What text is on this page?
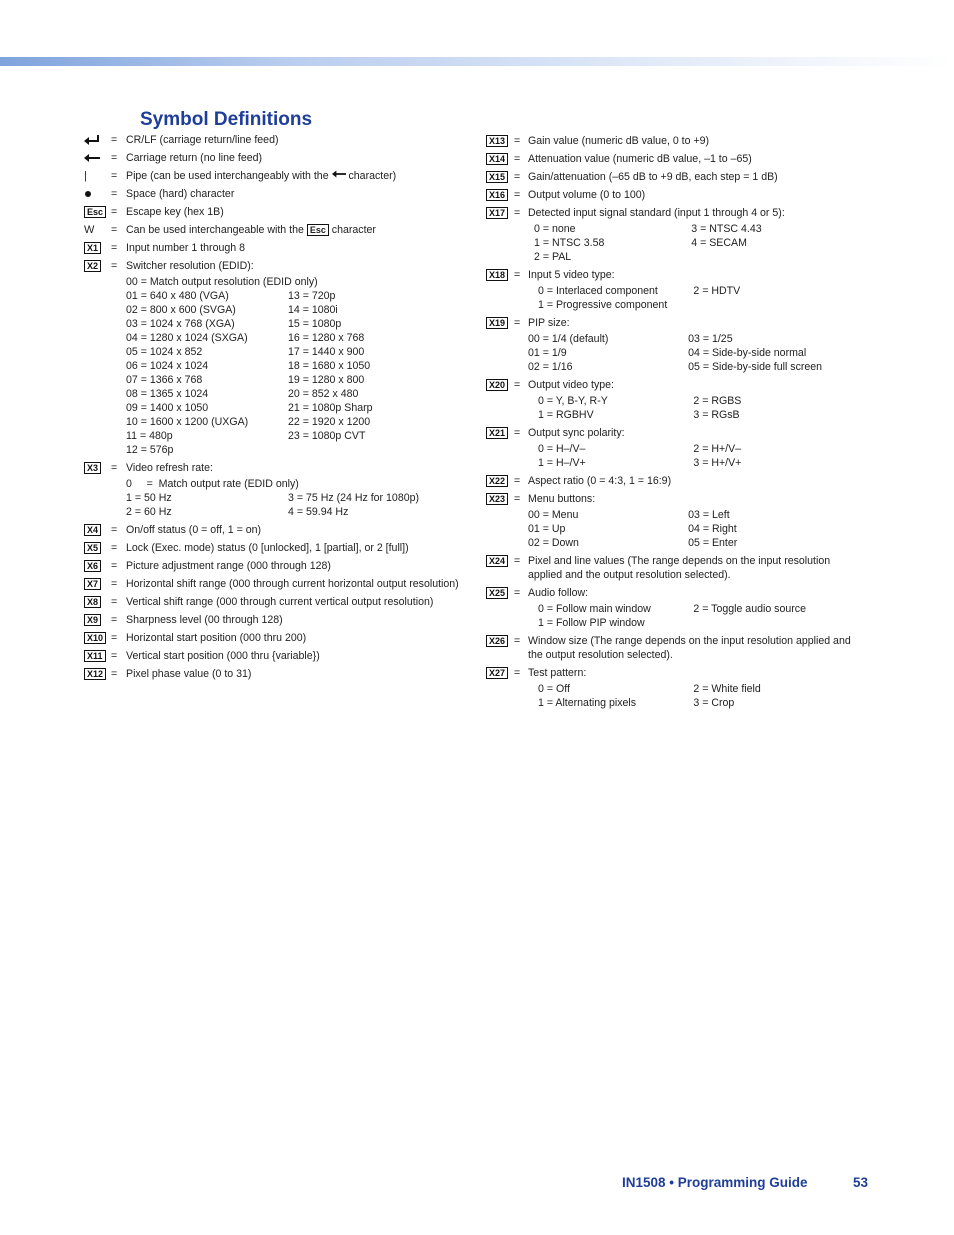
Symbol Definitions
= CR/LF (carriage return/line feed)
= Carriage return (no line feed)
| = Pipe (can be used interchangeably with the  character)
= Space (hard) character
Esc = Escape key (hex 1B)
W = Can be used interchangeable with the Esc character
X1 = Input number 1 through 8
X2 = Switcher resolution (EDID):
00 = Match output resolution (EDID only)
01 = 640 x 480 (VGA)	13 = 720p
02 = 800 x 600 (SVGA)	14 = 1080i
03 = 1024 x 768 (XGA)	15 = 1080p
04 = 1280 x 1024 (SXGA)	16 = 1280 x 768
05 = 1024 x 852	17 = 1440 x 900
06 = 1024 x 1024	18 = 1680 x 1050
07 = 1366 x 768	19 = 1280 x 800
08 = 1365 x 1024	20 = 852 x 480
09 = 1400 x 1050	21 = 1080p Sharp
10 = 1600 x 1200 (UXGA)	22 = 1920 x 1200
11 = 480p	23 = 1080p CVT
12 = 576p
X3 = Video refresh rate:
0     =  Match output rate (EDID only)
1 = 50 Hz	3 = 75 Hz (24 Hz for 1080p)
2 = 60 Hz	4 = 59.94 Hz
X4 = On/off status (0 = off, 1 = on)
X5 = Lock (Exec. mode) status (0 [unlocked], 1 [partial], or 2 [full])
X6 = Picture adjustment range (000 through 128)
X7 = Horizontal shift range (000 through current horizontal output resolution)
X8 = Vertical shift range (000 through current vertical output resolution)
X9 = Sharpness level (00 through 128)
X10 = Horizontal start position (000 thru 200)
X11 = Vertical start position (000 thru {variable})
X12 = Pixel phase value (0 to 31)
X13 = Gain value (numeric dB value, 0 to +9)
X14 = Attenuation value (numeric dB value, –1 to –65)
X15 = Gain/attenuation (–65 dB to +9 dB, each step = 1 dB)
X16 = Output volume (0 to 100)
X17 = Detected input signal standard (input 1 through 4 or 5):
0 = none	3 = NTSC 4.43
1 = NTSC 3.58	4 = SECAM
2 = PAL
X18 = Input 5 video type:
0 = Interlaced component	2 = HDTV
1 = Progressive component
X19 = PIP size:
00 = 1/4 (default)	03 = 1/25
01 = 1/9	04 = Side-by-side normal
02 = 1/16	05 = Side-by-side full screen
X20 = Output video type:
0 = Y, B-Y, R-Y	2 = RGBS
1 = RGBHV	3 = RGsB
X21 = Output sync polarity:
0 = H–/V–	2 = H+/V–
1 = H–/V+	3 = H+/V+
X22 = Aspect ratio (0 = 4:3, 1 = 16:9)
X23 = Menu buttons:
00 = Menu	03 = Left
01 = Up	04 = Right
02 = Down	05 = Enter
X24 = Pixel and line values (The range depends on the input resolution applied and the output resolution selected).
X25 = Audio follow:
0 = Follow main window	2 = Toggle audio source
1 = Follow PIP window
X26 = Window size (The range depends on the input resolution applied and the output resolution selected).
X27 = Test pattern:
0 = Off	2 = White field
1 = Alternating pixels	3 = Crop
IN1508 • Programming Guide	53
